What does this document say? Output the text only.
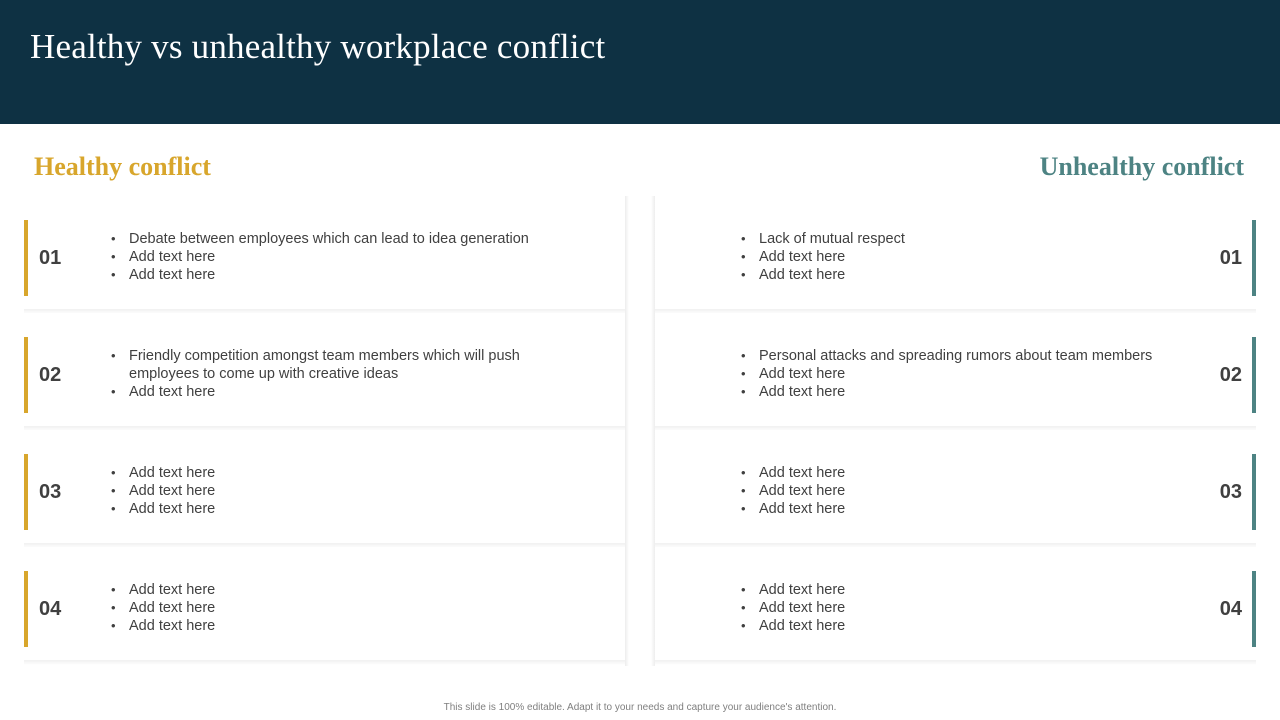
Healthy vs unhealthy workplace conflict
Healthy conflict	Unhealthy conflict
01
• Debate between employees which can lead to idea generation
• Add text here
• Add text here
02
• Friendly competition amongst team members which will push employees to come up with creative ideas
• Add text here
03
• Add text here
• Add text here
• Add text here
04
• Add text here
• Add text here
• Add text here
01
• Lack of mutual respect
• Add text here
• Add text here
02
• Personal attacks and spreading rumors about team members
• Add text here
• Add text here
03
• Add text here
• Add text here
• Add text here
04
• Add text here
• Add text here
• Add text here
This slide is 100% editable. Adapt it to your needs and capture your audience's attention.
